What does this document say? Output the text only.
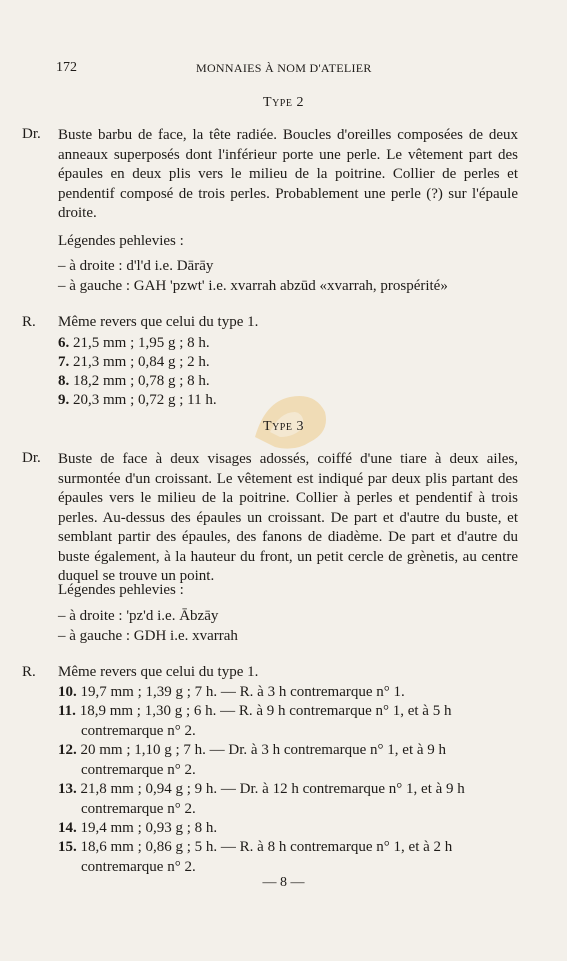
172	MONNAIES À NOM D'ATELIER
Type 2
Dr. Buste barbu de face, la tête radiée. Boucles d'oreilles composées de deux anneaux superposés dont l'inférieur porte une perle. Le vêtement part des épaules en deux plis vers le milieu de la poitrine. Collier de perles et pendentif composé de trois perles. Probablement une perle (?) sur l'épaule droite.
Légendes pehlevies :
– à droite : d'l'd i.e. Dārāy
– à gauche : GAH 'pzwt' i.e. xvarrah abzūd «xvarrah, prospérité»
R. Même revers que celui du type 1.
6. 21,5 mm ; 1,95 g ; 8 h.
7. 21,3 mm ; 0,84 g ; 2 h.
8. 18,2 mm ; 0,78 g ; 8 h.
9. 20,3 mm ; 0,72 g ; 11 h.
Type 3
Dr. Buste de face à deux visages adossés, coiffé d'une tiare à deux ailes, surmontée d'un croissant. Le vêtement est indiqué par deux plis partant des épaules vers le milieu de la poitrine. Collier à perles et pendentif à trois perles. Au-dessus des épaules un croissant. De part et d'autre du buste, et semblant partir des épaules, des fanons de diadème. De part et d'autre du buste également, à la hauteur du front, un petit cercle de grènetis, au centre duquel se trouve un point.
Légendes pehlevies :
– à droite : 'pz'd i.e. Ābzāy
– à gauche : GDH i.e. xvarrah
R. Même revers que celui du type 1.
10. 19,7 mm ; 1,39 g ; 7 h. — R. à 3 h contremarque n° 1.
11. 18,9 mm ; 1,30 g ; 6 h. — R. à 9 h contremarque n° 1, et à 5 h contremarque n° 2.
12. 20 mm ; 1,10 g ; 7 h. — Dr. à 3 h contremarque n° 1, et à 9 h contremarque n° 2.
13. 21,8 mm ; 0,94 g ; 9 h. — Dr. à 12 h contremarque n° 1, et à 9 h contremarque n° 2.
14. 19,4 mm ; 0,93 g ; 8 h.
15. 18,6 mm ; 0,86 g ; 5 h. — R. à 8 h contremarque n° 1, et à 2 h contremarque n° 2.
— 8 —
